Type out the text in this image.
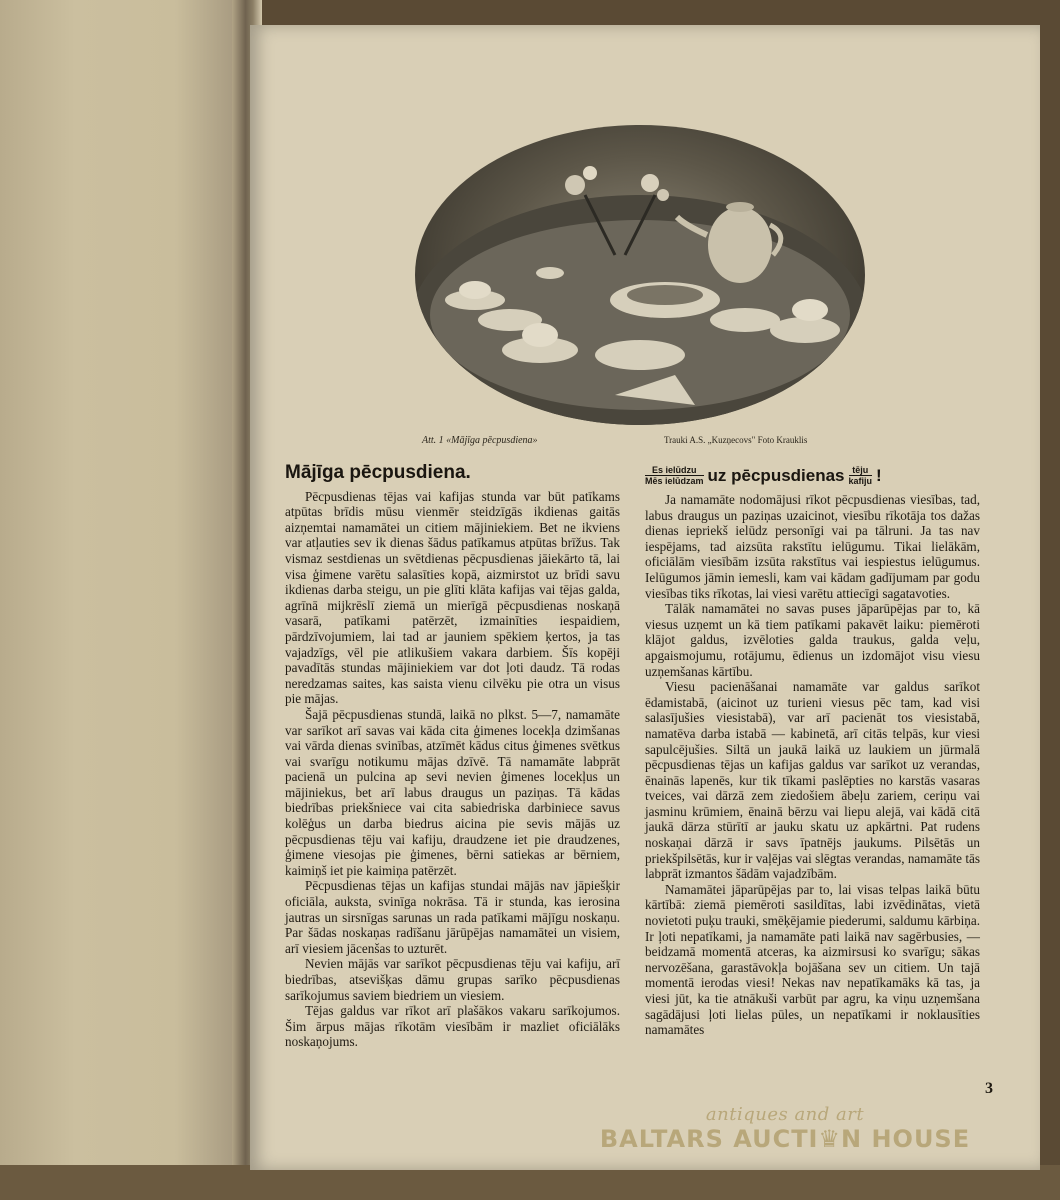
Att. 1 «Mājīga pēcpusdiena»	Trauki A.S. „Kuzņecovs" Foto Krauklis
Mājīga pēcpusdiena.

Pēcpusdienas tējas vai kafijas stunda var būt patīkams atpūtas brīdis mūsu vienmēr steidzīgās ikdienas gaitās aizņemtai namamātei un citiem mājiniekiem. Bet ne ikviens var atļauties sev ik dienas šādus patīkamus atpūtas brīžus. Tak vismaz sestdienas un svētdienas pēcpusdienas jāiekārto tā, lai visa ģimene varētu salasīties kopā, aizmirstot uz brīdi savu ikdienas darba steigu, un pie glīti klāta kafijas vai tējas galda, agrīnā mijkrēslī ziemā un mierīgā pēcpusdienas noskaņā vasarā, patīkami patērzēt, izmainīties iespaidiem, pārdzīvojumiem, lai tad ar jauniem spēkiem ķertos, ja tas vajadzīgs, vēl pie atlikušiem vakara darbiem. Šīs kopēji pavadītās stundas mājiniekiem var dot ļoti daudz. Tā rodas neredzamas saites, kas saista vienu cilvēku pie otra un visus pie mājas.

Šajā pēcpusdienas stundā, laikā no plkst. 5—7, namamāte var sarīkot arī savas vai kāda cita ģimenes locekļa dzimšanas vai vārda dienas svinības, atzīmēt kādus citus ģimenes svētkus vai svarīgu notikumu mājas dzīvē. Tā namamāte labprāt pacienā un pulcina ap sevi nevien ģimenes locekļus un mājiniekus, bet arī labus draugus un paziņas. Tā kādas biedrības priekšniece vai cita sabiedriska darbiniece savus kolēģus un darba biedrus aicina pie sevis mājās uz pēcpusdienas tēju vai kafiju, draudzene iet pie draudzenes, ģimene viesojas pie ģimenes, bērni satiekas ar bērniem, kaimiņš iet pie kaimiņa patērzēt.

Pēcpusdienas tējas un kafijas stundai mājās nav jāpiešķir oficiāla, auksta, svinīga nokrāsa. Tā ir stunda, kas ierosina jautras un sirsnīgas sarunas un rada patīkami mājīgu noskaņu. Par šādas noskaņas radīšanu jārūpējas namamātei un visiem, arī viesiem jācenšas to uzturēt.

Nevien mājās var sarīkot pēcpusdienas tēju vai kafiju, arī biedrības, atsevišķas dāmu grupas sarīko pēcpusdienas sarīkojumus saviem biedriem un viesiem.

Tējas galdus var rīkot arī plašākos vakaru sarīkojumos. Šim ārpus mājas rīkotām viesībām ir mazliet oficiālāks noskaņojums.

$\frac{\text{Es ielūdzu}}{\text{Mēs ielūdzam}}$ uz pēcpusdienas $\frac{\text{tēju}}{\text{kafiju}}$ !

Ja namamāte nodomājusi rīkot pēcpusdienas viesības, tad, labus draugus un paziņas uzaicinot, viesību rīkotāja tos dažas dienas iepriekš ielūdz personīgi vai pa tālruni. Ja tas nav iespējams, tad aizsūta rakstītu ielūgumu. Tikai lielākām, oficiālām viesībām izsūta rakstītus vai iespiestus ielūgumus. Ielūgumos jāmin iemesli, kam vai kādam gadījumam par godu viesības tiks rīkotas, lai viesi varētu attiecīgi sagatavoties.

Tālāk namamātei no savas puses jāparūpējas par to, kā viesus uzņemt un kā tiem patīkami pakavēt laiku: piemēroti klājot galdus, izvēloties galda traukus, galda veļu, apgaismojumu, rotājumu, ēdienus un izdomājot visu viesu uzņemšanas kārtību.

Viesu pacienāšanai namamāte var galdus sarīkot ēdamistabā, (aicinot uz turieni viesus pēc tam, kad visi salasījušies viesistabā), var arī pacienāt tos viesistabā, namatēva darba istabā — kabinetā, arī citās telpās, kur viesi sapulcējušies. Siltā un jaukā laikā uz laukiem un jūrmalā pēcpusdienas tējas un kafijas galdus var sarīkot uz verandas, ēnainās lapenēs, kur tik tīkami paslēpties no karstās vasaras tveices, vai dārzā zem ziedošiem ābeļu zariem, ceriņu vai jasminu krūmiem, ēnainā bērzu vai liepu alejā, vai kādā citā jaukā dārza stūrītī ar jauku skatu uz apkārtni. Pat rudens noskaņai dārzā ir savs īpatnējs jaukums. Pilsētās un priekšpilsētās, kur ir vaļējas vai slēgtas verandas, namamāte tās labprāt izmantos šādām vajadzībām.

Namamātei jāparūpējas par to, lai visas telpas laikā būtu kārtībā: ziemā piemēroti sasildītas, labi izvēdinātas, vietā novietoti puķu trauki, smēķējamie piederumi, saldumu kārbiņa. Ir ļoti nepatīkami, ja namamāte pati laikā nav sagērbusies, — beidzamā momentā atceras, ka aizmirsusi ko svarīgu; sākas nervozēšana, garastāvokļa bojāšana sev un citiem. Un tajā momentā ierodas viesi! Nekas nav nepatīkamāks kā tas, ja viesi jūt, ka tie atnākuši varbūt par agru, ka viņu uzņemšana sagādājusi ļoti lielas pūles, un nepatīkami ir noklausīties namamātes

3
antiques and art
BALTARS AUCTI♛N HOUSE
